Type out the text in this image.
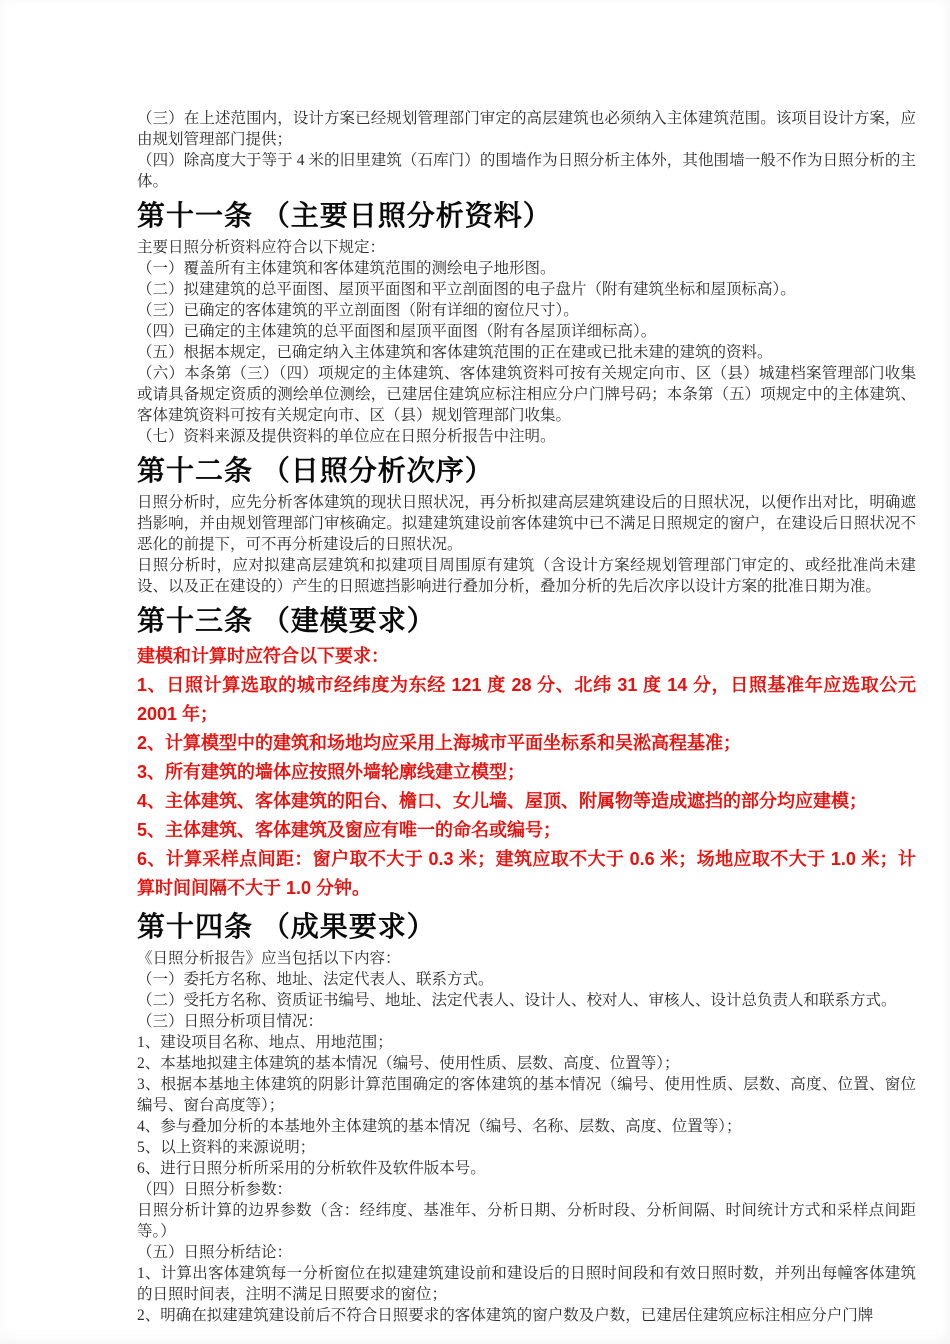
（三）在上述范围内，设计方案已经规划管理部门审定的高层建筑也必须纳入主体建筑范围。该项目设计方案，应由规划管理部门提供；

（四）除高度大于等于 4 米的旧里建筑（石库门）的围墙作为日照分析主体外，其他围墙一般不作为日照分析的主体。

第十一条 （主要日照分析资料）

主要日照分析资料应符合以下规定：

（一）覆盖所有主体建筑和客体建筑范围的测绘电子地形图。

（二）拟建建筑的总平面图、屋顶平面图和平立剖面图的电子盘片（附有建筑坐标和屋顶标高）。

（三）已确定的客体建筑的平立剖面图（附有详细的窗位尺寸）。

（四）已确定的主体建筑的总平面图和屋顶平面图（附有各屋顶详细标高）。

（五）根据本规定，已确定纳入主体建筑和客体建筑范围的正在建或已批未建的建筑的资料。

（六）本条第（三）（四）项规定的主体建筑、客体建筑资料可按有关规定向市、区（县）城建档案管理部门收集或请具备规定资质的测绘单位测绘，已建居住建筑应标注相应分户门牌号码；本条第（五）项规定中的主体建筑、客体建筑资料可按有关规定向市、区（县）规划管理部门收集。

（七）资料来源及提供资料的单位应在日照分析报告中注明。

第十二条 （日照分析次序）

日照分析时，应先分析客体建筑的现状日照状况，再分析拟建高层建筑建设后的日照状况，以便作出对比，明确遮挡影响，并由规划管理部门审核确定。拟建建筑建设前客体建筑中已不满足日照规定的窗户，在建设后日照状况不恶化的前提下，可不再分析建设后的日照状况。

日照分析时，应对拟建高层建筑和拟建项目周围原有建筑（含设计方案经规划管理部门审定的、或经批准尚未建设、以及正在建设的）产生的日照遮挡影响进行叠加分析，叠加分析的先后次序以设计方案的批准日期为准。

第十三条 （建模要求）

建模和计算时应符合以下要求：

1、日照计算选取的城市经纬度为东经 121 度 28 分、北纬 31 度 14 分，日照基准年应选取公元 2001 年；

2、计算模型中的建筑和场地均应采用上海城市平面坐标系和吴淞高程基准；

3、所有建筑的墙体应按照外墙轮廓线建立模型；

4、主体建筑、客体建筑的阳台、檐口、女儿墙、屋顶、附属物等造成遮挡的部分均应建模；

5、主体建筑、客体建筑及窗应有唯一的命名或编号；

6、计算采样点间距：窗户取不大于 0.3 米；建筑应取不大于 0.6 米；场地应取不大于 1.0 米；计算时间间隔不大于 1.0 分钟。

第十四条 （成果要求）

《日照分析报告》应当包括以下内容：

（一）委托方名称、地址、法定代表人、联系方式。

（二）受托方名称、资质证书编号、地址、法定代表人、设计人、校对人、审核人、设计总负责人和联系方式。

（三）日照分析项目情况：

1、建设项目名称、地点、用地范围；

2、本基地拟建主体建筑的基本情况（编号、使用性质、层数、高度、位置等）；

3、根据本基地主体建筑的阴影计算范围确定的客体建筑的基本情况（编号、使用性质、层数、高度、位置、窗位编号、窗台高度等）；

4、参与叠加分析的本基地外主体建筑的基本情况（编号、名称、层数、高度、位置等）；

5、以上资料的来源说明；

6、进行日照分析所采用的分析软件及软件版本号。

（四）日照分析参数：

日照分析计算的边界参数（含：经纬度、基准年、分析日期、分析时段、分析间隔、时间统计方式和采样点间距等。）

（五）日照分析结论：

1、计算出客体建筑每一分析窗位在拟建建筑建设前和建设后的日照时间段和有效日照时数，并列出每幢客体建筑的日照时间表，注明不满足日照要求的窗位；

2、明确在拟建建筑建设前后不符合日照要求的客体建筑的窗户数及户数，已建居住建筑应标注相应分户门牌
